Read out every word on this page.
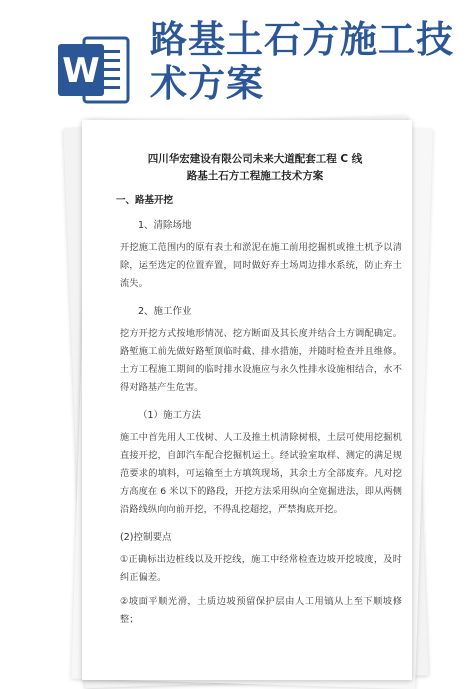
W
路基土石方施工技
术方案
四川华宏建设有限公司未来大道配套工程 C 线
路基土石方工程施工技术方案
一、路基开挖
1、清除场地
开挖施工范围内的原有表土和淤泥在施工前用挖掘机或推土机予以清除，运至选定的位置弃置，同时做好弃土场周边排水系统，防止弃土流失。
2、施工作业
挖方开挖方式按地形情况、挖方断面及其长度并结合土方调配确定。路堑施工前先做好路堑顶临时截、排水措施，并随时检查并且维修。土方工程施工期间的临时排水设施应与永久性排水设施相结合，水不得对路基产生危害。
（1）施工方法
施工中首先用人工伐树、人工及推土机清除树根，土层可使用挖掘机直接开挖，自卸汽车配合挖掘机运土。经试验室取样、测定的满足规范要求的填料，可运输至土方填筑现场，其余土方全部废弃。凡对挖方高度在 6 米以下的路段，开挖方法采用纵向全宽掘进法，即从两侧沿路线纵向向前开挖，不得乱挖超挖，严禁掏底开挖。
(2)控制要点
①正确标出边桩线以及开挖线，施工中经常检查边坡开挖坡度，及时纠正偏差。
②坡面平顺光滑，土质边坡预留保护层由人工用镐从上至下顺坡修整；
